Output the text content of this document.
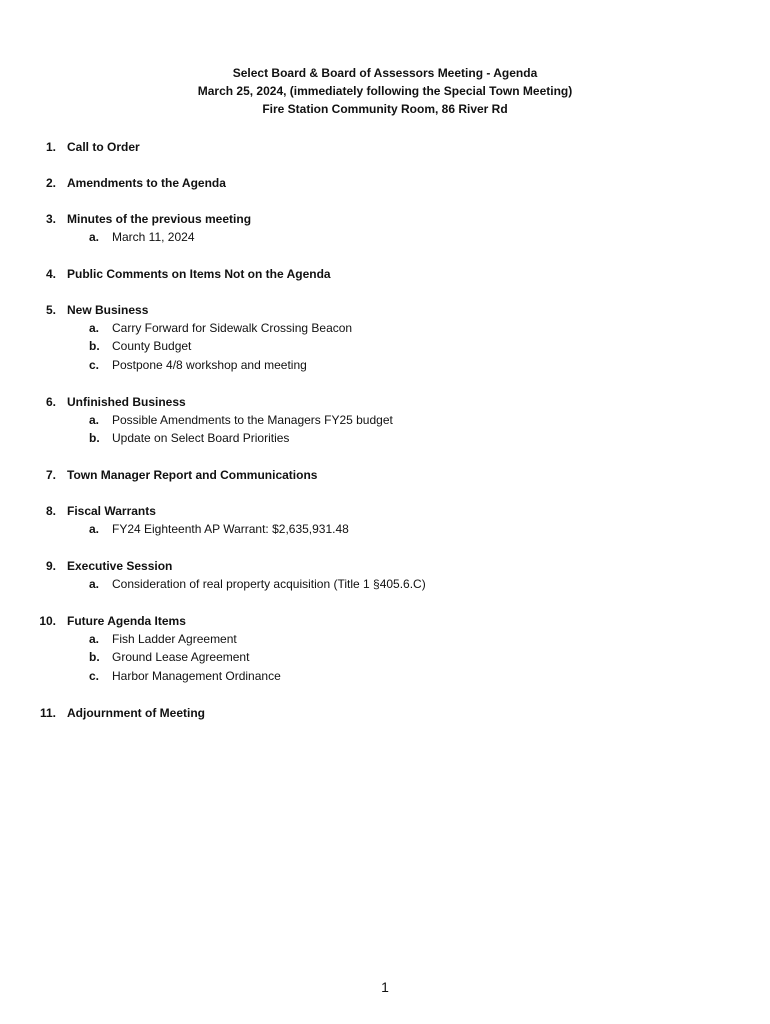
Select Board & Board of Assessors Meeting - Agenda
March 25, 2024, (immediately following the Special Town Meeting)
Fire Station Community Room, 86 River Rd
1. Call to Order
2. Amendments to the Agenda
3. Minutes of the previous meeting
a. March 11, 2024
4. Public Comments on Items Not on the Agenda
5. New Business
a. Carry Forward for Sidewalk Crossing Beacon
b. County Budget
c. Postpone 4/8 workshop and meeting
6. Unfinished Business
a. Possible Amendments to the Managers FY25 budget
b. Update on Select Board Priorities
7. Town Manager Report and Communications
8. Fiscal Warrants
a. FY24 Eighteenth AP Warrant: $2,635,931.48
9. Executive Session
a. Consideration of real property acquisition (Title 1 §405.6.C)
10. Future Agenda Items
a. Fish Ladder Agreement
b. Ground Lease Agreement
c. Harbor Management Ordinance
11. Adjournment of Meeting
1
